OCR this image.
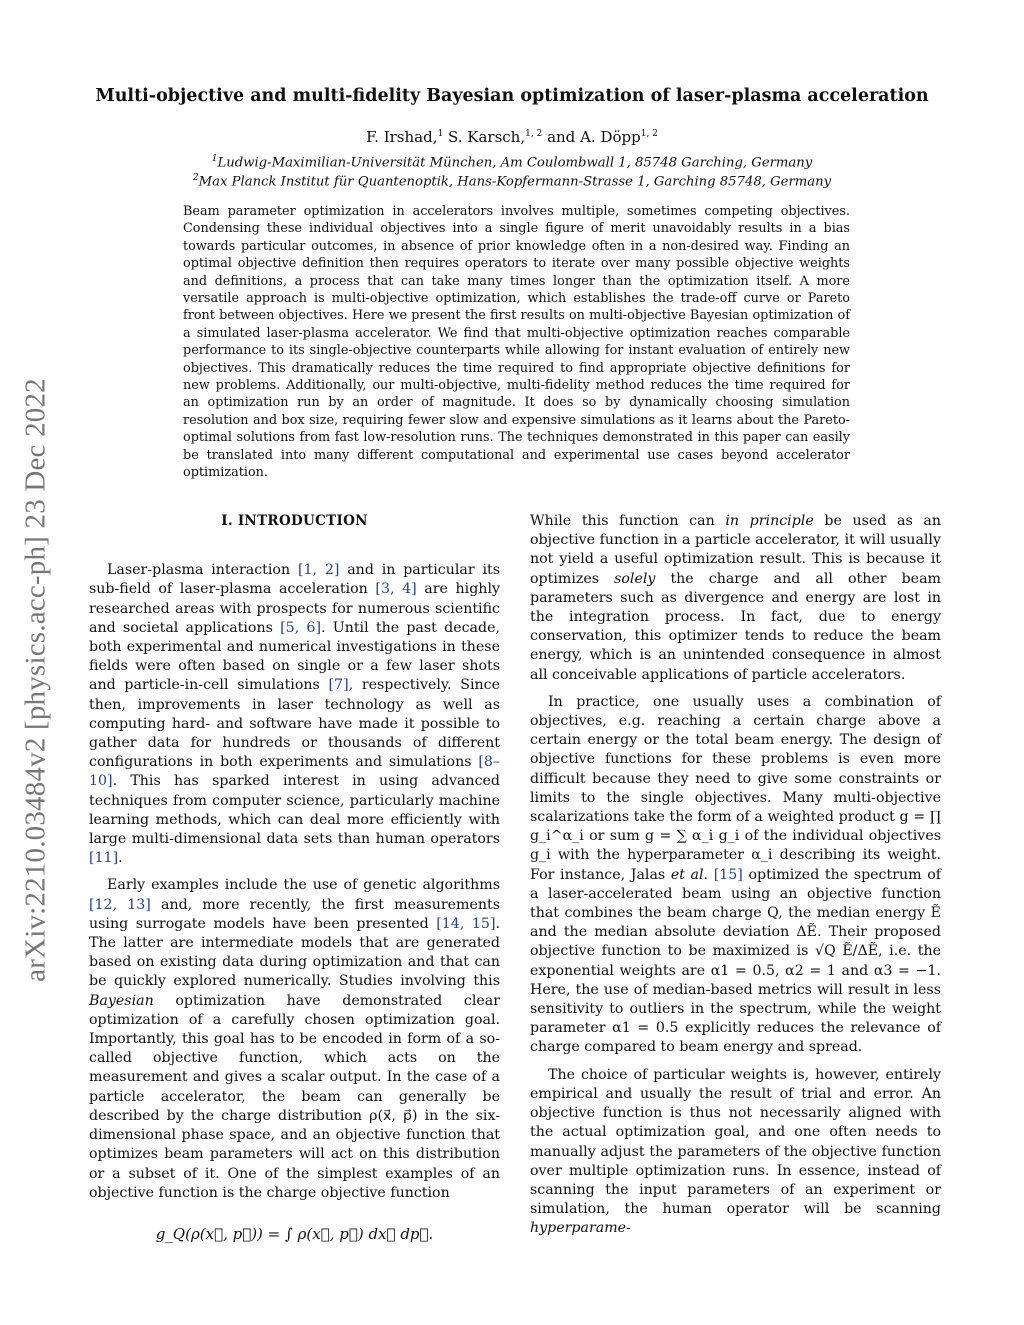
arXiv:2210.03484v2 [physics.acc-ph] 23 Dec 2022
Multi-objective and multi-fidelity Bayesian optimization of laser-plasma acceleration
F. Irshad,$^1$ S. Karsch,$^{1, 2}$ and A. Döpp$^{1, 2}$
$^1$Ludwig-Maximilian-Universität München, Am Coulombwall 1, 85748 Garching, Germany
$^2$Max Planck Institut für Quantenoptik, Hans-Kopfermann-Strasse 1, Garching 85748, Germany
Beam parameter optimization in accelerators involves multiple, sometimes competing objectives. Condensing these individual objectives into a single figure of merit unavoidably results in a bias towards particular outcomes, in absence of prior knowledge often in a non-desired way. Finding an optimal objective definition then requires operators to iterate over many possible objective weights and definitions, a process that can take many times longer than the optimization itself. A more versatile approach is multi-objective optimization, which establishes the trade-off curve or Pareto front between objectives. Here we present the first results on multi-objective Bayesian optimization of a simulated laser-plasma accelerator. We find that multi-objective optimization reaches comparable performance to its single-objective counterparts while allowing for instant evaluation of entirely new objectives. This dramatically reduces the time required to find appropriate objective definitions for new problems. Additionally, our multi-objective, multi-fidelity method reduces the time required for an optimization run by an order of magnitude. It does so by dynamically choosing simulation resolution and box size, requiring fewer slow and expensive simulations as it learns about the Pareto-optimal solutions from fast low-resolution runs. The techniques demonstrated in this paper can easily be translated into many different computational and experimental use cases beyond accelerator optimization.
I. INTRODUCTION

Laser-plasma interaction [1, 2] and in particular its sub-field of laser-plasma acceleration [3, 4] are highly researched areas with prospects for numerous scientific and societal applications [5, 6]. Until the past decade, both experimental and numerical investigations in these fields were often based on single or a few laser shots and particle-in-cell simulations [7], respectively. Since then, improvements in laser technology as well as computing hard- and software have made it possible to gather data for hundreds or thousands of different configurations in both experiments and simulations [8–10]. This has sparked interest in using advanced techniques from computer science, particularly machine learning methods, which can deal more efficiently with large multi-dimensional data sets than human operators [11].

Early examples include the use of genetic algorithms [12, 13] and, more recently, the first measurements using surrogate models have been presented [14, 15]. The latter are intermediate models that are generated based on existing data during optimization and that can be quickly explored numerically. Studies involving this Bayesian optimization have demonstrated clear optimization of a carefully chosen optimization goal. Importantly, this goal has to be encoded in form of a so-called objective function, which acts on the measurement and gives a scalar output. In the case of a particle accelerator, the beam can generally be described by the charge distribution ρ(x⃗, p⃗) in the six-dimensional phase space, and an objective function that optimizes beam parameters will act on this distribution or a subset of it. One of the simplest examples of an objective function is the charge objective function

g_Q(ρ(x⃗, p⃗)) = ∫ ρ(x⃗, p⃗) dx⃗ dp⃗.

While this function can in principle be used as an objective function in a particle accelerator, it will usually not yield a useful optimization result. This is because it optimizes solely the charge and all other beam parameters such as divergence and energy are lost in the integration process. In fact, due to energy conservation, this optimizer tends to reduce the beam energy, which is an unintended consequence in almost all conceivable applications of particle accelerators.

In practice, one usually uses a combination of objectives, e.g. reaching a certain charge above a certain energy or the total beam energy. The design of objective functions for these problems is even more difficult because they need to give some constraints or limits to the single objectives. Many multi-objective scalarizations take the form of a weighted product g = ∏ g_i^α_i or sum g = ∑ α_i g_i of the individual objectives g_i with the hyperparameter α_i describing its weight. For instance, Jalas et al. [15] optimized the spectrum of a laser-accelerated beam using an objective function that combines the beam charge Q, the median energy Ẽ and the median absolute deviation ΔẼ. Their proposed objective function to be maximized is √Q Ẽ/ΔẼ, i.e. the exponential weights are α1 = 0.5, α2 = 1 and α3 = −1. Here, the use of median-based metrics will result in less sensitivity to outliers in the spectrum, while the weight parameter α1 = 0.5 explicitly reduces the relevance of charge compared to beam energy and spread.

The choice of particular weights is, however, entirely empirical and usually the result of trial and error. An objective function is thus not necessarily aligned with the actual optimization goal, and one often needs to manually adjust the parameters of the objective function over multiple optimization runs. In essence, instead of scanning the input parameters of an experiment or simulation, the human operator will be scanning hyperparame-
